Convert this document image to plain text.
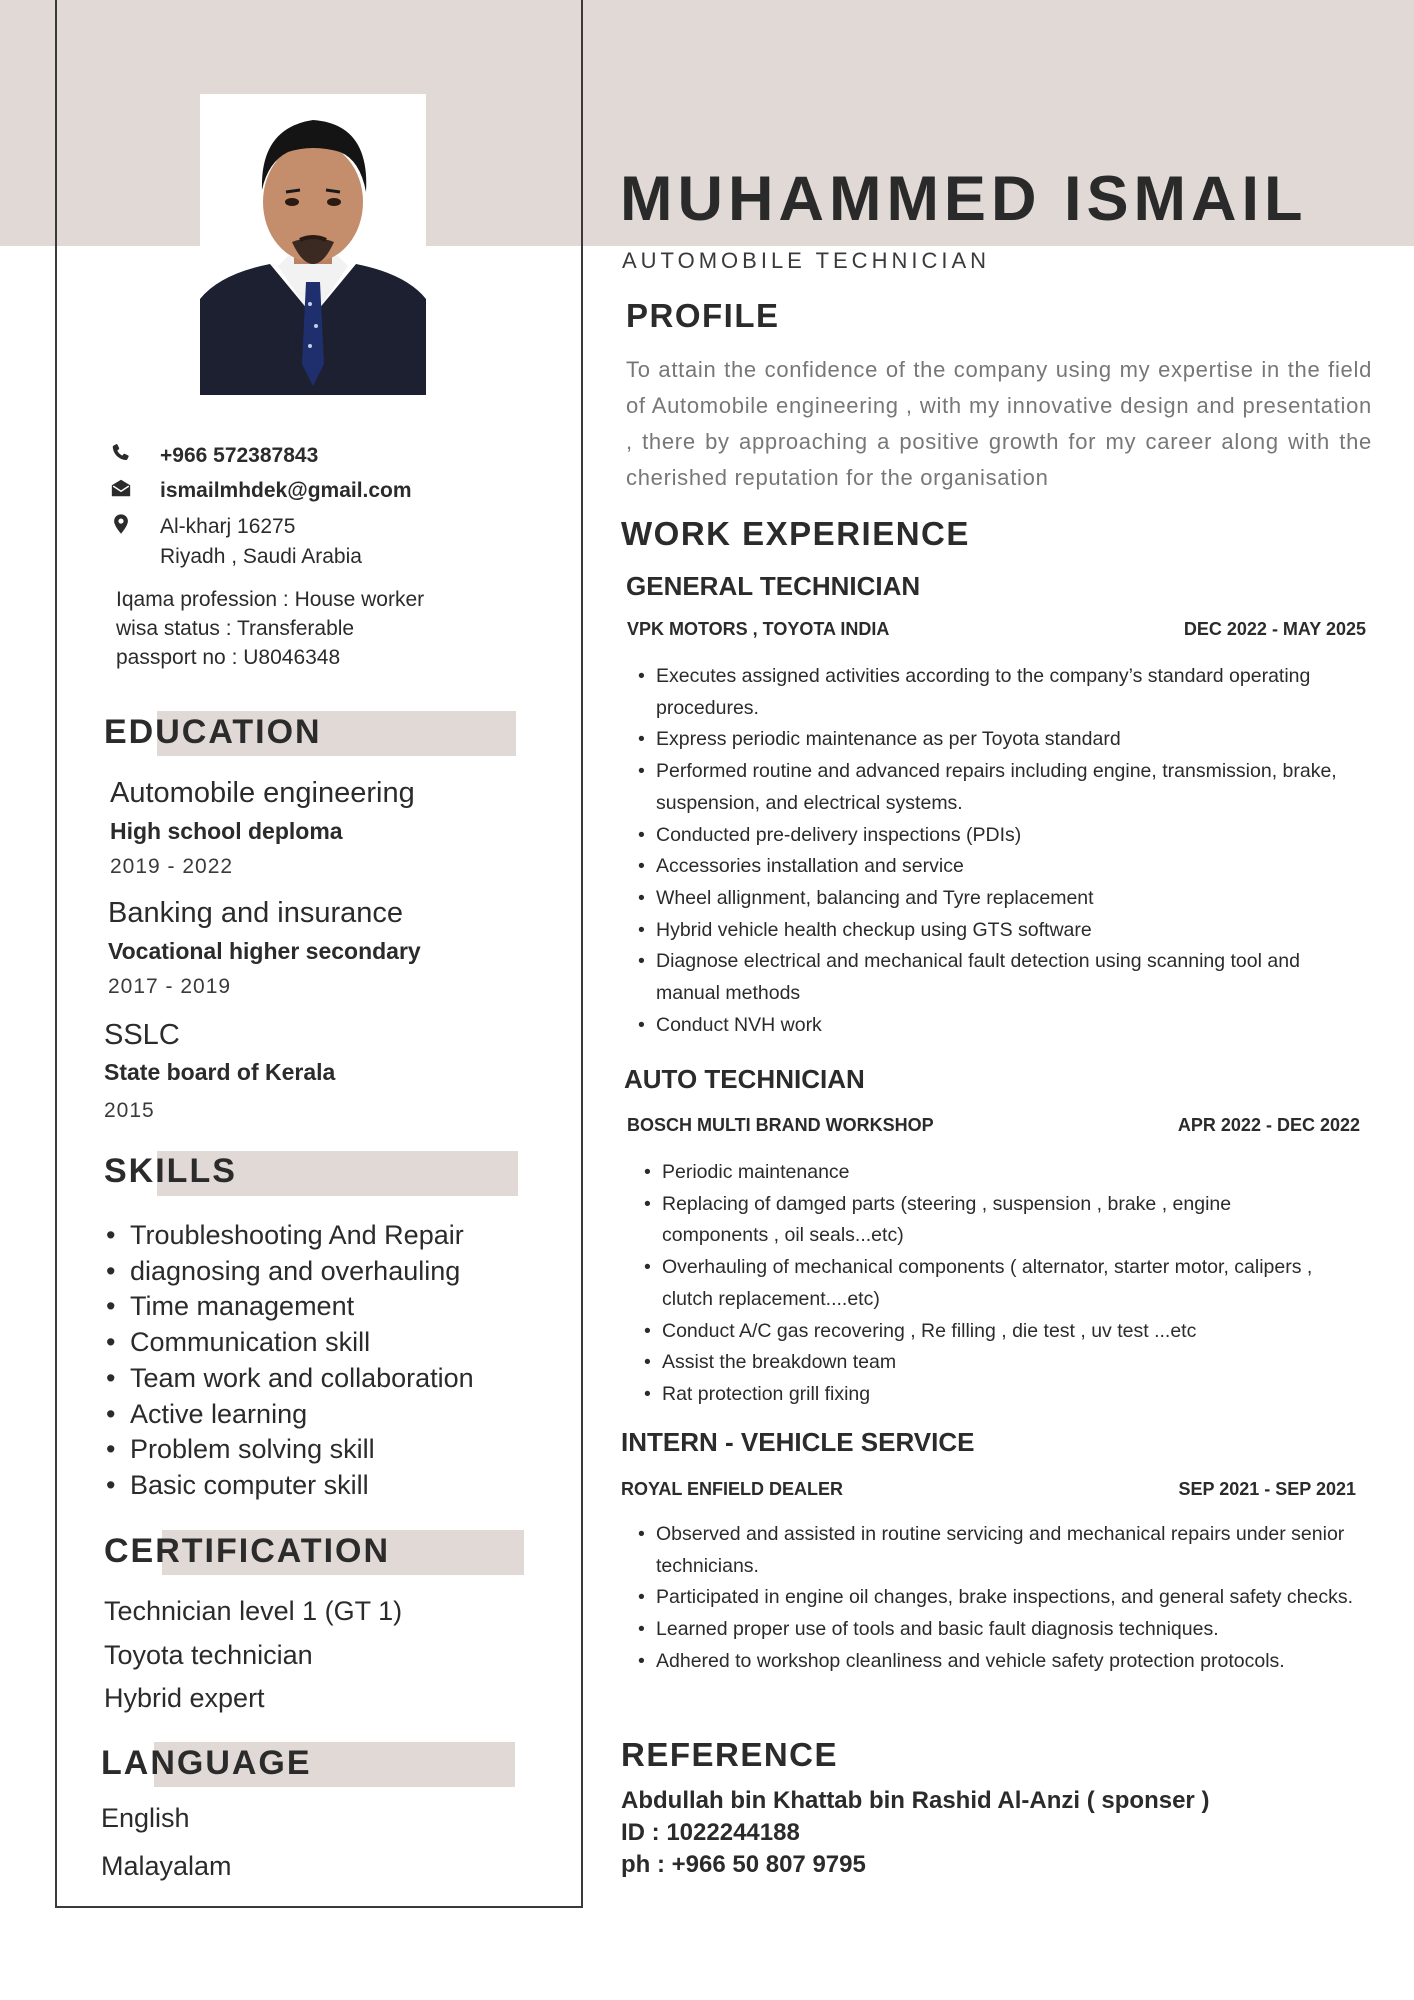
+966 572387843
ismailmhdek@gmail.com
Al-kharj 16275
Riyadh , Saudi Arabia
Iqama profession : House worker
wisa status : Transferable
passport no : U8046348
EDUCATION
Automobile engineering
High school deploma
2019 - 2022
Banking and insurance
Vocational higher secondary
2017 - 2019
SSLC
State board of Kerala
2015
SKILLS
• Troubleshooting And Repair
• diagnosing and overhauling
• Time management
• Communication skill
• Team work and collaboration
• Active learning
• Problem solving skill
• Basic computer skill
CERTIFICATION
Technician level 1 (GT 1)
Toyota technician
Hybrid expert
LANGUAGE
English
Malayalam
MUHAMMED ISMAIL
AUTOMOBILE TECHNICIAN
PROFILE
To attain the confidence of the company using my expertise in the field of Automobile engineering , with my innovative design and presentation , there by approaching a positive growth for my career along with the cherished reputation for the organisation
WORK EXPERIENCE
GENERAL TECHNICIAN
VPK MOTORS , TOYOTA INDIA	DEC 2022 - MAY 2025
• Executes assigned activities according to the company’s standard operating procedures.
• Express periodic maintenance as per Toyota standard
• Performed routine and advanced repairs including engine, transmission, brake, suspension, and electrical systems.
• Conducted pre-delivery inspections (PDIs)
• Accessories installation and service
• Wheel allignment, balancing and Tyre replacement
• Hybrid vehicle health checkup using GTS software
• Diagnose electrical and mechanical fault detection using scanning tool and manual methods
• Conduct NVH work
AUTO TECHNICIAN
BOSCH MULTI BRAND WORKSHOP	APR 2022 - DEC 2022
• Periodic maintenance
• Replacing of damged parts (steering , suspension , brake , engine components , oil seals...etc)
• Overhauling of mechanical components ( alternator, starter motor, calipers , clutch replacement....etc)
• Conduct A/C gas recovering , Re filling , die test , uv test ...etc
• Assist the breakdown team
• Rat protection grill fixing
INTERN - VEHICLE SERVICE
ROYAL ENFIELD DEALER	SEP 2021 - SEP 2021
• Observed and assisted in routine servicing and mechanical repairs under senior technicians.
• Participated in engine oil changes, brake inspections, and general safety checks.
• Learned proper use of tools and basic fault diagnosis techniques.
• Adhered to workshop cleanliness and vehicle safety protection protocols.
REFERENCE
Abdullah bin Khattab bin Rashid Al-Anzi ( sponser )
ID : 1022244188
ph : +966 50 807 9795
